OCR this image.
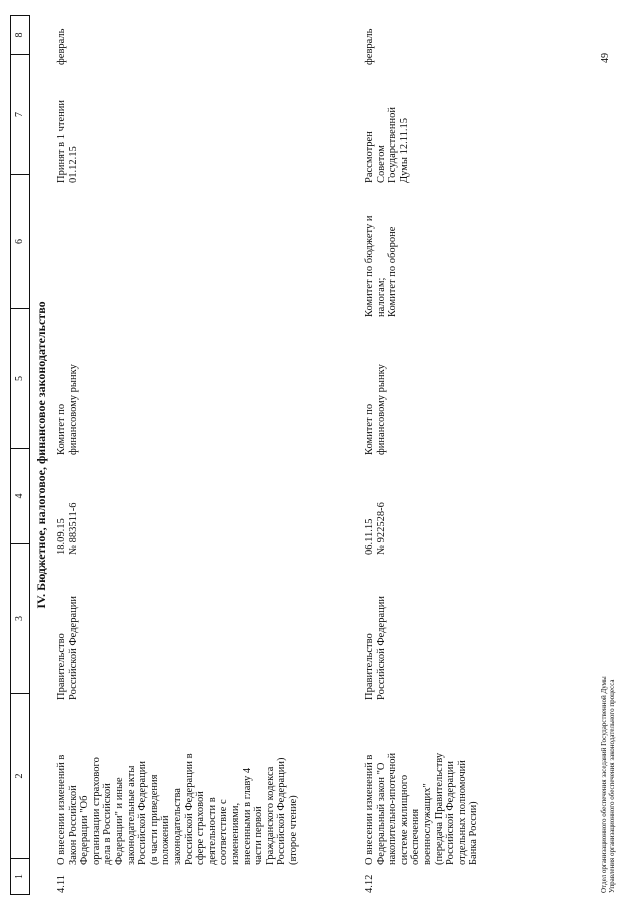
1
2
3
4
5
6
7
8
IV. Бюджетное, налоговое, финансовое законодательство
4.11
О внесении изменений в
Закон Российской
Федерации "Об
организации страхового
дела в Российской
Федерации" и иные
законодательные акты
Российской Федерации
(в части приведения
положений
законодательства
Российской Федерации в
сфере страховой
деятельности в
соответствие с
изменениями,
внесенными в главу 4
части первой
Гражданского кодекса
Российской Федерации)
(второе чтение)
Правительство
Российской Федерации
18.09.15
№ 883511-6
Комитет по
финансовому рынку
Принят в 1 чтении
01.12.15
февраль
4.12
О внесении изменений в
Федеральный закон "О
накопительно-ипотечной
системе жилищного
обеспечения
военнослужащих"
(передача Правительству
Российской Федерации
отдельных полномочий
Банка России)
Правительство
Российской Федерации
06.11.15
№ 922528-6
Комитет по
финансовому рынку
Комитет по бюджету и
налогам;
Комитет по обороне
Рассмотрен
Советом
Государственной
Думы 12.11.15
февраль
Отдел организационного обеспечения заседаний Государственной Думы Управления организационного обеспечения законодательного процесса
49
